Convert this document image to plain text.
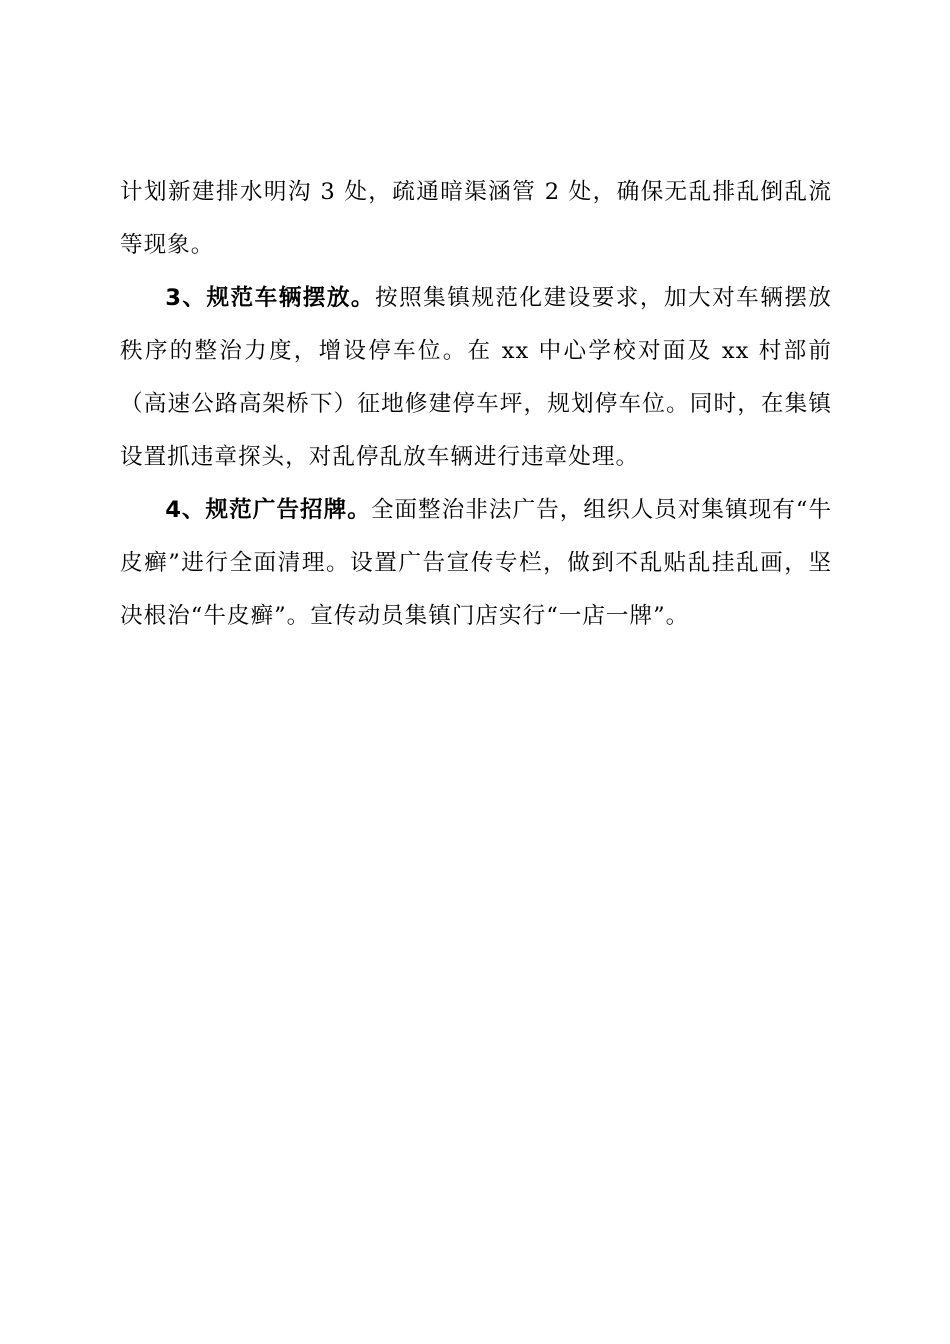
计划新建排水明沟 3 处，疏通暗渠涵管 2 处，确保无乱排乱倒乱流等现象。

3、规范车辆摆放。按照集镇规范化建设要求，加大对车辆摆放秩序的整治力度，增设停车位。在 xx 中心学校对面及 xx 村部前（高速公路高架桥下）征地修建停车坪，规划停车位。同时，在集镇设置抓违章探头，对乱停乱放车辆进行违章处理。

4、规范广告招牌。全面整治非法广告，组织人员对集镇现有“牛皮癣”进行全面清理。设置广告宣传专栏，做到不乱贴乱挂乱画，坚决根治“牛皮癣”。宣传动员集镇门店实行“一店一牌”。
